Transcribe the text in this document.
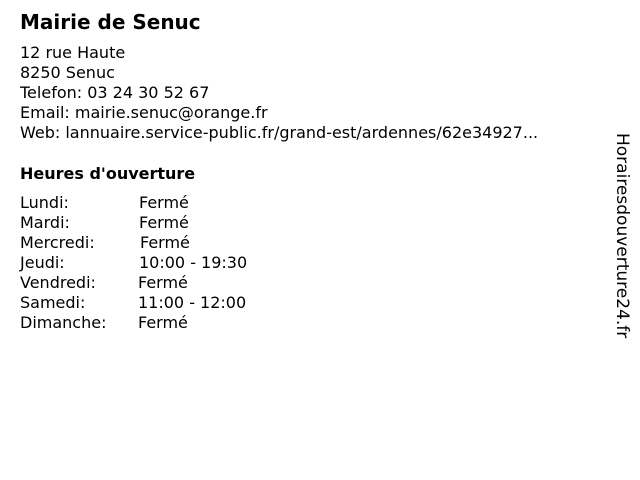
Mairie de Senuc
12 rue Haute
8250 Senuc
Telefon: 03 24 30 52 67
Email: mairie.senuc@orange.fr
Web: lannuaire.service-public.fr/grand-est/ardennes/62e34927...
Heures d'ouverture
Lundi:	Fermé
Mardi:	Fermé
Mercredi:	Fermé
Jeudi:	10:00 - 19:30
Vendredi:	Fermé
Samedi:	11:00 - 12:00
Dimanche: Fermé	Horairesdouverture24.fr
